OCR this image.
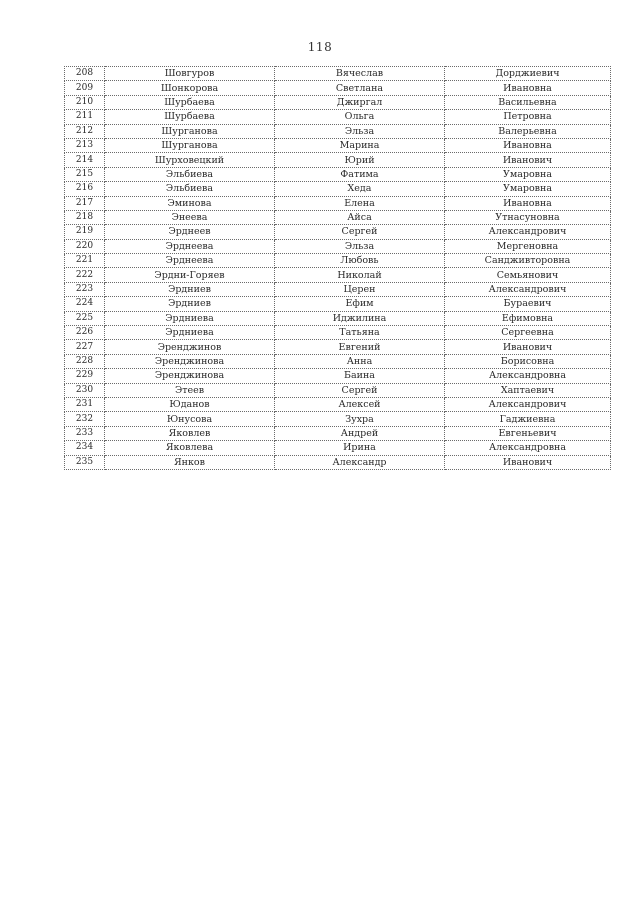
118
208	Шовгуров	Вячеслав	Дорджиевич
209	Шонкорова	Светлана	Ивановна
210	Шурбаева	Джиргал	Васильевна
211	Шурбаева	Ольга	Петровна
212	Шурганова	Эльза	Валерьевна
213	Шурганова	Марина	Ивановна
214	Шурховецкий	Юрий	Иванович
215	Эльбиева	Фатима	Умаровна
216	Эльбиева	Хеда	Умаровна
217	Эминова	Елена	Ивановна
218	Энеева	Айса	Утнасуновна
219	Эрднеев	Сергей	Александрович
220	Эрднеева	Эльза	Мергеновна
221	Эрднеева	Любовь	Сандживторовна
222	Эрдни-Горяев	Николай	Семьянович
223	Эрдниев	Церен	Александрович
224	Эрдниев	Ефим	Бураевич
225	Эрдниева	Иджилина	Ефимовна
226	Эрдниева	Татьяна	Сергеевна
227	Эренджинов	Евгений	Иванович
228	Эренджинова	Анна	Борисовна
229	Эренджинова	Баина	Александровна
230	Этеев	Сергей	Хаптаевич
231	Юданов	Алексей	Александрович
232	Юнусова	Зухра	Гаджиевна
233	Яковлев	Андрей	Евгеньевич
234	Яковлева	Ирина	Александровна
235	Янков	Александр	Иванович
